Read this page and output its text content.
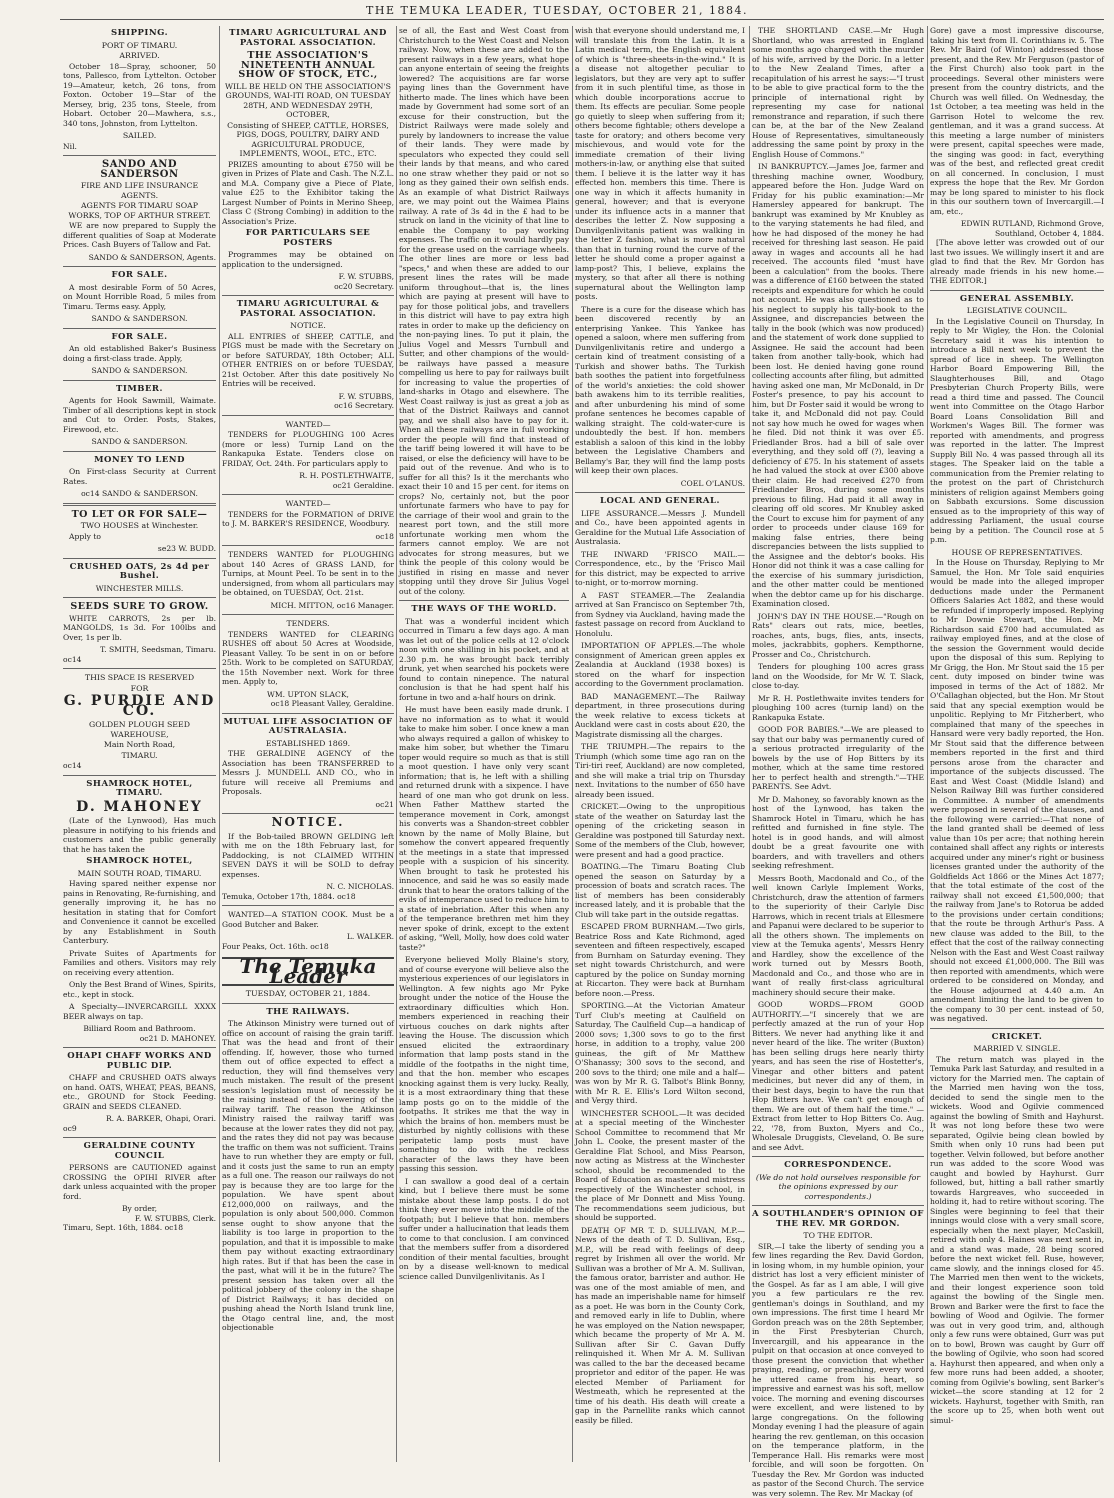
THE TEMUKA LEADER, TUESDAY, OCTOBER 21, 1884.
SHIPPING.
PORT OF TIMARU.
ARRIVED.

October 18—Spray, schooner, 50 tons, Pallesco, from Lyttelton. October 19—Amateur, ketch, 26 tons, from Foxton. October 19—Star of the Mersey, brig, 235 tons, Steele, from Hobart. October 20—Mawhera, s.s., 340 tons, Johnston, from Lyttelton.

SAILED.

Nil.

SANDO AND SANDERSON
FIRE AND LIFE INSURANCE AGENTS.
AGENTS FOR TIMARU SOAP WORKS, TOP OF ARTHUR STREET.

WE are now prepared to Supply the different qualities of Soap at Moderate Prices. Cash Buyers of Tallow and Fat.

SANDO & SANDERSON, Agents.
FOR SALE.

A most desirable Form of 50 Acres, on Mount Horrible Road, 5 miles from Timaru. Terms easy. Apply,

SANDO & SANDERSON.
FOR SALE.

An old established Baker's Business doing a first-class trade. Apply,

SANDO & SANDERSON.
TIMBER.

Agents for Hook Sawmill, Waimate. Timber of all descriptions kept in stock and Cut to Order. Posts, Stakes, Firewood, etc.

SANDO & SANDERSON.
MONEY TO LEND

On First-class Security at Current Rates.

oc14 SANDO & SANDERSON.
TO LET OR FOR SALE—
TWO HOUSES at Winchester.

Apply to

se23 W. BUDD.
CRUSHED OATS, 2s 4d per Bushel.
WINCHESTER MILLS.
SEEDS SURE TO GROW.

WHITE CARROTS, 2s per lb. MANGOLDS, 1s 3d. For 100lbs and Over, 1s per lb.

T. SMITH, Seedsman, Timaru.
oc14
THIS SPACE IS RESERVED
FOR
G. PURDIE AND CO.
GOLDEN PLOUGH SEED WAREHOUSE,
Main North Road,
TIMARU.
oc14
SHAMROCK HOTEL, TIMARU.
D. MAHONEY

(Late of the Lynwood), Has much pleasure in notifying to his friends and customers and the public generally that he has taken the

SHAMROCK HOTEL,
MAIN SOUTH ROAD, TIMARU.

Having spared neither expense nor pains in Renovating, Re-furnishing, and generally improving it, he has no hesitation in stating that for Comfort and Convenience it cannot be excelled by any Establishment in South Canterbury.

Private Suites of Apartments for Families and others. Visitors may rely on receiving every attention.

Only the Best Brand of Wines, Spirits, etc., kept in stock.

A Specialty—INVERCARGILL XXXX BEER always on tap.

Billiard Room and Bathroom.
oc21 D. MAHONEY.
OHAPI CHAFF WORKS AND PUBLIC DIP.

CHAFF and CRUSHED OATS always on hand. OATS, WHEAT, PEAS, BEANS, etc., GROUND for Stock Feeding. GRAIN and SEEDS CLEANED.

R. A. BARKER, Ohapi, Orari.
oc9
GERALDINE COUNTY COUNCIL

PERSONS are CAUTIONED against CROSSING the OPIHI RIVER after dark unless acquainted with the proper ford.

By order,
F. W. STUBBS, Clerk.
Timaru, Sept. 16th, 1884. oc18
TIMARU AGRICULTURAL AND PASTORAL ASSOCIATION.
THE ASSOCIATION'S NINETEENTH ANNUAL SHOW OF STOCK, ETC.,
WILL BE HELD ON THE ASSOCIATION'S GROUNDS, WAI-ITI ROAD, ON TUESDAY 28TH, AND WEDNESDAY 29TH, OCTOBER,
Consisting of SHEEP, CATTLE, HORSES, PIGS, DOGS, POULTRY, DAIRY AND AGRICULTURAL PRODUCE, IMPLEMENTS, WOOL, ETC., ETC.

PRIZES amounting to about £750 will be given in Prizes of Plate and Cash. The N.Z.L. and M.A. Company give a Piece of Plate, value £25 to the Exhibitor taking the Largest Number of Points in Merino Sheep, Class C (Strong Combing) in addition to the Association's Prize.

FOR PARTICULARS SEE POSTERS

Programmes may be obtained on application to the undersigned.

F. W. STUBBS,
oc20 Secretary.
TIMARU AGRICULTURAL & PASTORAL ASSOCIATION.
NOTICE.

ALL ENTRIES of SHEEP, CATTLE, and PIGS must be made with the Secretary on or before SATURDAY, 18th October; ALL OTHER ENTRIES on or before TUESDAY, 21st October. After this date positively No Entries will be received.

F. W. STUBBS,
oc16 Secretary.
WANTED—

TENDERS for PLOUGHING 100 Acres (more or less) Turnip Land on the Rankapuka Estate. Tenders close on FRIDAY, Oct. 24th. For particulars apply to

R. H. POSTLETHWAITE,
oc21 Geraldine.
WANTED—

TENDERS for the FORMATION of DRIVE to J. M. BARKER'S RESIDENCE, Woodbury.

oc18

TENDERS WANTED for PLOUGHING about 140 Acres of GRASS LAND, for Turnips, at Mount Peel. To be sent in to the undersigned, from whom all particulars may be obtained, on TUESDAY, Oct. 21st.

MICH. MITTON, oc16 Manager.
TENDERS.

TENDERS WANTED for CLEARING RUSHES off about 50 Acres at Woodside, Pleasant Valley. To be sent in on or before 25th. Work to be completed on SATURDAY, the 15th November next. Work for three men. Apply to,

WM. UPTON SLACK,
oc18 Pleasant Valley, Geraldine.
MUTUAL LIFE ASSOCIATION OF AUSTRALASIA.
ESTABLISHED 1869.

THE GERALDINE AGENCY of the Association has been TRANSFERRED to Messrs J. MUNDELL AND CO., who in future will receive all Premiums and Proposals.

oc21
NOTICE.

If the Bob-tailed BROWN GELDING left with me on the 18th February last, for Paddocking, is not CLAIMED WITHIN SEVEN DAYS it will be SOLD to defray expenses.

N. C. NICHOLAS.
Temuka, October 17th, 1884. oc18

WANTED—A STATION COOK. Must be a Good Butcher and Baker.

L. WALKER.
Four Peaks, Oct. 16th. oc18
The Temuka Leader
TUESDAY, OCTOBER 21, 1884.
THE RAILWAYS.

The Atkinson Ministry were turned out of office on account of raising the grain tariff. That was the head and front of their offending. If, however, those who turned them out of office expected to effect a reduction, they will find themselves very much mistaken. The result of the present session's legislation must of necessity be the raising instead of the lowering of the railway tariff. The reason the Atkinson Ministry raised the railway tariff was because at the lower rates they did not pay, and the rates they did not pay was because the traffic on them was not sufficient. Trains have to run whether they are empty or full, and it costs just the same to run an empty as a full one. The reason our railways do not pay is because they are too large for the population. We have spent about £12,000,000 on railways, and the population is only about 500,000. Common sense ought to show anyone that the liability is too large in proportion to the population, and that it is impossible to make them pay without exacting extraordinary high rates. But if that has been the case in the past, what will it be in the future? The present session has taken over all the political jobbery of the colony in the shape of District Railways; it has decided on pushing ahead the North Island trunk line, the Otago central line, and, the most objectionable

se of all, the East and West Coast from Christchurch to the West Coast and Nelson railway. Now, when these are added to the present railways in a few years, what hope can anyone entertain of seeing the freights lowered? The acquisitions are far worse paying lines than the Government have hitherto made. The lines which have been made by Government had some sort of an excuse for their construction, but the District Railways were made solely and purely by landowners to increase the value of their lands. They were made by speculators who expected they could sell their lands by that means, and who cared no one straw whether they paid or not so long as they gained their own selfish ends. As an example of what District Railways are, we may point out the Waimea Plains railway. A rate of 3s 4d in the £ had to be struck on land in the vicinity of that line to enable the Company to pay working expenses. The traffic on it would hardly pay for the grease used on the carriage wheels. The other lines are more or less bad "specs," and when these are added to our present lines the rates will be made uniform throughout—that is, the lines which are paying at present will have to pay for those political jobs, and travellers in this district will have to pay extra high rates in order to make up the deficiency on the non-paying lines. To put it plain, the Julius Vogel and Messrs Turnbull and Sutter, and other champions of the would-be railways have passed a measure compelling us here to pay for railways built for increasing to value the properties of land-sharks in Otago and elsewhere. The West Coast railway is just as great a job as that of the District Railways and cannot pay, and we shall also have to pay for it. When all these railways are in full working order the people will find that instead of the tariff being lowered it will have to be raised, or else the deficiency will have to be paid out of the revenue. And who is to suffer for all this? Is it the merchants who exact their 10 and 15 per cent. for items on crops? No, certainly not, but the poor unfortunate farmers who have to pay for the carriage of their wool and grain to the nearest port town, and the still more unfortunate working men whom the farmers cannot employ. We are not advocates for strong measures, but we think the people of this colony would be justified in rising en masse and never stopping until they drove Sir Julius Vogel out of the colony.

THE WAYS OF THE WORLD.

That was a wonderful incident which occurred in Timaru a few days ago. A man was let out of the police cells at 12 o'clock noon with one shilling in his pocket, and at 2.30 p.m. he was brought back terribly drunk, yet when searched his pockets were found to contain ninepence. The natural conclusion is that he had spent half his fortune in two and a-half hours on drink.

He must have been easily made drunk. I have no information as to what it would take to make him sober. I once knew a man who always required a gallon of whiskey to make him sober, but whether the Timaru toper would require so much as that is still a moot question. I have only very scant information; that is, he left with a shilling and returned drunk with a sixpence. I have heard of one man who got drunk on less. When Father Matthew started the temperance movement in Cork, amongst his converts was a Shandon-street cobbler known by the name of Molly Blaine, but somehow the convert appeared frequently at the meetings in a state that impressed people with a suspicion of his sincerity. When brought to task he protested his innocence, and said he was so easily made drunk that to hear the orators talking of the evils of intemperance used to reduce him to a state of inebriation. After this when any of the temperance brethren met him they never spoke of drink, except to the extent of asking, "Well, Molly, how does cold water taste?"

Everyone believed Molly Blaine's story, and of course everyone will believe also the mysterious experiences of our legislators in Wellington. A few nights ago Mr Pyke brought under the notice of the House the extraordinary difficulties which Hon. members experienced in reaching their virtuous couches on dark nights after leaving the House. The discussion which ensued elicited the extraordinary information that lamp posts stand in the middle of the footpaths in the night time, and that the hon. member who escapes knocking against them is very lucky. Really, it is a most extraordinary thing that these lamp posts go on to the middle of the footpaths. It strikes me that the way in which the brains of hon. members must be disturbed by nightly collisions with these peripatetic lamp posts must have something to do with the reckless character of the laws they have been passing this session.

I can swallow a good deal of a certain kind, but I believe there must be some mistake about these lamp posts. I do not think they ever move into the middle of the footpath; but I believe that hon. members suffer under a hallucination that leads them to come to that conclusion. I am convinced that the members suffer from a disordered condition of their mental faculties, brought on by a disease well-known to medical science called Dunvilgenlivitanis. As I

wish that everyone should understand me, I will translate this from the Latin. It is a Latin medical term, the English equivalent of which is "three-sheets-in-the-wind." It is a disease not altogether peculiar to legislators, but they are very apt to suffer from it in such plentiful time, as those in which double incorporations accrue to them. Its effects are peculiar. Some people go quietly to sleep when suffering from it; others become fightable; others develope a taste for oratory; and others become very mischievous, and would vote for the immediate cremation of their living mothers-in-law, or anything else that suited them. I believe it is the latter way it has effected hon. members this time. There is one way in which it affects humanity in general, however; and that is everyone under its influence acts in a manner that describes the letter Z. Now supposing a Dunvilgenlivitanis patient was walking in the letter Z fashion, what is more natural than that in turning round the curve of the letter he should come a proper against a lamp-post? This, I believe, explains the mystery, so that after all there is nothing supernatural about the Wellington lamp posts.

There is a cure for the disease which has been discovered recently by an enterprising Yankee. This Yankee has opened a saloon, where men suffering from Dunvilgenlivitanis retire and undergo a certain kind of treatment consisting of a Turkish and shower baths. The Turkish bath soothes the patient into forgetfulness of the world's anxieties: the cold shower bath awakens him to its terrible realities, and after unburdening his mind of some profane sentences he becomes capable of walking straight. The cold-water-cure is undoubtedly the best. If hon. members establish a saloon of this kind in the lobby between the Legislative Chambers and Bellamy's Bar, they will find the lamp posts will keep their own places.

COEL O'LANUS.
LOCAL AND GENERAL.

LIFE ASSURANCE.—Messrs J. Mundell and Co., have been appointed agents in Geraldine for the Mutual Life Association of Australasia.

THE INWARD 'FRISCO MAIL.—Correspondence, etc., by the 'Frisco Mail for this district, may be expected to arrive to-night, or to-morrow morning.

A FAST STEAMER.—The Zealandia arrived at San Francisco on September 7th, from Sydney via Auckland, having made the fastest passage on record from Auckland to Honolulu.

IMPORTATION OF APPLES.—The whole consignment of American green apples ex Zealandia at Auckland (1938 boxes) is stored on the wharf for inspection according to the Government proclamation.

BAD MANAGEMENT.—The Railway department, in three prosecutions during the week relative to excess tickets at Auckland were cast in costs about £20, the Magistrate dismissing all the charges.

THE TRIUMPH.—The repairs to the Triumph (which some time ago ran on the Tiri-tiri reef, Auckland) are now completed, and she will make a trial trip on Thursday next. Invitations to the number of 650 have already been issued.

CRICKET.—Owing to the unpropitious state of the weather on Saturday last the opening of the cricketing season in Geraldine was postponed till Saturday next. Some of the members of the Club, however, were present and had a good practice.

BOATING.—The Timaru Boating Club opened the season on Saturday by a procession of boats and scratch races. The list of members has been considerably increased lately, and it is probable that the Club will take part in the outside regattas.

ESCAPED FROM BURNHAM.—Two girls, Beatrice Ross and Kate Richmond, aged seventeen and fifteen respectively, escaped from Burnham on Saturday evening. They set night towards Christchurch, and were captured by the police on Sunday morning at Riccarton. They were back at Burnham before noon.—Press.

SPORTING.—At the Victorian Amateur Turf Club's meeting at Caulfield on Saturday, The Caulfield Cup—a handicap of 2000 sovs; 1,300 sovs to go to the first horse, in addition to a trophy, value 200 guineas, the gift of Mr Matthew O'Shanassy; 300 sovs to the second, and 200 sovs to the third; one mile and a half—was won by Mr R. G. Talbot's Blink Bonny, with Mr R. E. Ellis's Lord Wilton second, and Vergy third.

WINCHESTER SCHOOL.—It was decided at a special meeting of the Winchester School Committee to recommend that Mr John L. Cooke, the present master of the Geraldine Flat School, and Miss Pearson, now acting as Mistress at the Winchester school, should be recommended to the Board of Education as master and mistress respectively of the Winchester school, in the place of Mr Donnett and Miss Young. The recommendations seem judicious, but should be supported.

DEATH OF MR T. D. SULLIVAN, M.P.—News of the death of T. D. Sullivan, Esq., M.P., will be read with feelings of deep regret by Irishmen all over the world. Mr Sullivan was a brother of Mr A. M. Sullivan, the famous orator, barrister and author. He was one of the most amiable of men, and has made an imperishable name for himself as a poet. He was born in the County Cork, and removed early in life to Dublin, where he was employed on the Nation newspaper, which became the property of Mr A. M. Sullivan after Sir C. Gavan Duffy relinquished it. When Mr A. M. Sullivan was called to the bar the deceased became proprietor and editor of the paper. He was elected Member of Parliament for Westmeath, which he represented at the time of his death. His death will create a gap in the Parnellite ranks which cannot easily be filled.

THE SHORTLAND CASE.—Mr Hugh Shortland, who was arrested in England some months ago charged with the murder of his wife, arrived by the Doric. In a letter to the New Zealand Times, after a recapitulation of his arrest he says:—"I trust to be able to give practical form to the the principle of international right by representing my case for national remonstrance and reparation, if such there can be, at the bar of the New Zealand House of Representatives, simultaneously addressing the same point by proxy in the English House of Commons."

IN BANKRUPTCY.—James Joe, farmer and threshing machine owner, Woodbury, appeared before the Hon. Judge Ward on Friday for his public examination:—Mr Hamersley appeared for bankrupt. The bankrupt was examined by Mr Knubley as to the varying statements he had filed, and how he had disposed of the money he had received for threshing last season. He paid away in wages and accounts all he had received. The accounts filed "must have been a calculation" from the books. There was a difference of £160 between the stated receipts and expenditure for which he could not account. He was also questioned as to his neglect to supply his tally-book to the Assignee, and discrepancies between the tally in the book (which was now produced) and the statement of work done supplied to Assignee. He said the account had been taken from another tally-book, which had been lost. He denied having gone round collecting accounts after filing, but admitted having asked one man, Mr McDonald, in Dr Foster's presence, to pay his account to him, but Dr Foster said it would be wrong to take it, and McDonald did not pay. Could not say how much he owed for wages when he filed. Did not think it was over £5. Friedlander Bros. had a bill of sale over everything, and they sold off (?), leaving a deficiency of £75. In his statement of assets he had valued the stock at over £300 above their claim. He had received £270 from Friedlander Bros, during some months previous to filing. Had paid it all away in clearing off old scores. Mr Knubley asked the Court to excuse him for payment of any order to proceeds under clause 169 for making false entries, there being discrepancies between the lists supplied to the Assignee and the debtor's books. His Honor did not think it was a case calling for the exercise of his summary jurisdiction, and the other matter could be mentioned when the debtor came up for his discharge. Examination closed.

JOHN'S DAY IN THE HOUSE.—"Rough on Rats" clears out rats, mice, beetles, roaches, ants, bugs, flies, ants, insects, moles, jackrabbits, gophers. Kempthorne, Prosser and Co., Christchurch.

Tenders for ploughing 100 acres grass land on the Woodside, for Mr W. T. Slack, close to-day.

Mr R. H. Postlethwaite invites tenders for ploughing 100 acres (turnip land) on the Rankapuka Estate.

GOOD FOR BABIES."—We are pleased to say that our baby was permanently cured of a serious protracted irregularity of the bowels by the use of Hop Bitters by its mother, which at the same time restored her to perfect health and strength."—THE PARENTS. See Advt.

Mr D. Mahoney, so favorably known as the host of the Lynwood, has taken the Shamrock Hotel in Timaru, which he has refitted and furnished in fine style. The hotel is in good hands, and will almost doubt be a great favourite one with boarders, and with travellers and others seeking refreshment.

Messrs Booth, Macdonald and Co., of the well known Carlyle Implement Works, Christchurch, draw the attention of farmers to the superiority of their Carlyle Disc Harrows, which in recent trials at Ellesmere and Papanui were declared to be superior to all the others shown. The implements on view at the Temuka agents', Messrs Henry and Hardley, show the excellence of the work turned out by Messrs Booth, Macdonald and Co., and those who are in want of really first-class agricultural machinery should secure their make.

GOOD WORDS—FROM GOOD AUTHORITY.—"I sincerely that we are perfectly amazed at the run of your Hop Bitters. We never had anything like it and never heard of the like. The writer (Buxton) has been selling drugs here nearly thirty years, and has seen the rise of Hostetter's, Vinegar and other bitters and patent medicines, but never did any of them, in their best days, begin to have the run that Hop Bitters have. We can't get enough of them. We are out of them half the time." — Extract from letter to Hop Bitters Co. Aug. 22, '78, from Buxton, Myers and Co., Wholesale Druggists, Cleveland, O. Be sure and see Advt.

CORRESPONDENCE.
(We do not hold ourselves responsible for the opinions expressed by our correspondents.)
A SOUTHLANDER'S OPINION OF THE REV. MR GORDON.
TO THE EDITOR.

SIR,—I take the liberty of sending you a few lines regarding the Rev. David Gordon, in losing whom, in my humble opinion, your district has lost a very efficient minister of the Gospel. As far as I am able, I will give you a few particulars re the rev. gentleman's doings in Southland, and my own impressions. The first time I heard Mr Gordon preach was on the 28th September, in the First Presbyterian Church, Invercargill, and his appearance in the pulpit on that occasion at once conveyed to those present the conviction that whether praying, reading, or preaching, every word he uttered came from his heart, so impressive and earnest was his soft, mellow voice. The morning and evening discourses were excellent, and were listened to by large congregations. On the following Monday evening I had the pleasure of again hearing the rev. gentleman, on this occasion on the temperance platform, in the Temperance Hall. His remarks were most forcible, and will soon be forgotten. On Tuesday the Rev. Mr Gordon was inducted as pastor of the Second Church. The service was very solemn. The Rev. Mr Mackay (of

Gore) gave a most impressive discourse, taking his text from II. Corinthians iv. 5. The Rev. Mr Baird (of Winton) addressed those present, and the Rev. Mr Ferguson (pastor of the First Church) also took part in the proceedings. Several other ministers were present from the country districts, and the Church was well filled. On Wednesday, the 1st October, a tea meeting was held in the Garrison Hotel to welcome the rev. gentleman, and it was a grand success. At this meeting a large number of ministers were present, capital speeches were made, the singing was good: in fact, everything was of the best, and reflected great credit on all concerned. In conclusion, I must express the hope that the Rev. Mr Gordon may be long spared to minister to his flock in this our southern town of Invercargill.—I am, etc.,

EDWIN RUTLAND, Richmond Grove, Southland, October 4, 1884.

[The above letter was crowded out of our last two issues. We willingly insert it and are glad to find that the Rev. Mr Gordon has already made friends in his new home.—THE EDITOR.]

GENERAL ASSEMBLY.
LEGISLATIVE COUNCIL.

In the Legislative Council on Thursday, In reply to Mr Wigley, the Hon. the Colonial Secretary said it was his intention to introduce a Bill next week to prevent the spread of lice in sheep. The Wellington Harbor Board Empowering Bill, the Slaughterhouses Bill, and Otago Presbyterian Church Property Bills, were read a third time and passed. The Council went into Committee on the Otago Harbor Board Loans Consolidation Bill and Workmen's Wages Bill. The former was reported with amendments, and progress was reported in the latter. The Imprest Supply Bill No. 4 was passed through all its stages. The Speaker laid on the table a communication from the Premier relating to the protest on the part of Christchurch ministers of religion against Members going on Sabbath excursions. Some discussion ensued as to the impropriety of this way of addressing Parliament, the usual course being by a petition. The Council rose at 5 p.m.

HOUSE OF REPRESENTATIVES.

In the House on Thursday, Replying to Mr Samuel, the Hon. Mr Tole said enquiries would be made into the alleged improper deductions made under the Permanent Officers Salaries Act 1882, and these would be refunded if improperly imposed. Replying to Mr Downie Stewart, the Hon. Mr Richardson said £700 had accumulated as railway employed fines, and at the close of the session the Government would decide upon the disposal of this sum. Replying to Mr Grigg, the Hon. Mr Stout said the 15 per cent. duty imposed on binder twine was imposed in terms of the Act of 1882. Mr O'Callaghan objected, but the Hon. Mr Stout said that any special exemption would be unpolitic. Replying to Mr Fitzherbert, who complained that many of the speeches in Hansard were very badly reported, the Hon. Mr Stout said that the difference between members reported in the first and third persons arose from the character and importance of the subjects discussed. The East and West Coast (Middle Island) and Nelson Railway Bill was further considered in Committee. A number of amendments were proposed in several of the clauses, and the following were carried:—That none of the land granted shall be deemed of less value than 10s per acre; that nothing herein contained shall affect any rights or interests acquired under any miner's right or business licenses granted under the authority of the Goldfields Act 1866 or the Mines Act 1877; that the total estimate of the cost of the railway shall not exceed £1,500,000; that the railway from Jane's to Rotorua be added to the provisions under certain conditions; that the route be through Arthur's Pass. A new clause was added to the Bill, to the effect that the cost of the railway connecting Nelson with the East and West Coast railway should not exceed £1,000,000. The Bill was then reported with amendments, which were ordered to be considered on Monday, and the House adjourned at 4.40 a.m. An amendment limiting the land to be given to the company to 30 per cent. instead of 50, was negatived.

CRICKET.
MARRIED V. SINGLE.

The return match was played in the Temuka Park last Saturday, and resulted in a victory for the Married men. The captain of the Married men having won the toss, decided to send the single men to the wickets. Wood and Ogilvie commenced against the bowling of Smith and Hayhurst. It was not long before these two were separated, Ogilvie being clean bowled by Smith when only 10 runs had been put together. Velvin followed, but before another run was added to the score Wood was caught and bowled by Hayhurst. Gurr followed, but, hitting a ball rather smartly towards Hargreaves, who succeeded in holding it, had to retire without scoring. The Singles were beginning to feel that their innings would close with a very small score, especially when the next player, McCaskill, retired with only 4. Haines was next sent in, and a stand was made, 28 being scored before the next wicket fell. Ruse, however, came slowly, and the innings closed for 45. The Married men then went to the wickets, and their longest experience soon told against the bowling of the Single men. Brown and Barker were the first to face the bowling of Wood and Ogilvie. The former was out in very good trim, and, although only a few runs were obtained, Gurr was put on to bowl, Brown was caught by Gurr off the bowling of Ogilvie, who soon had scored a. Hayhurst then appeared, and when only a few more runs had been added, a shooter, coming from Ogilvie's bowling, sent Barker's wicket—the score standing at 12 for 2 wickets. Hayhurst, together with Smith, ran the score up to 25, when both went out simul-
